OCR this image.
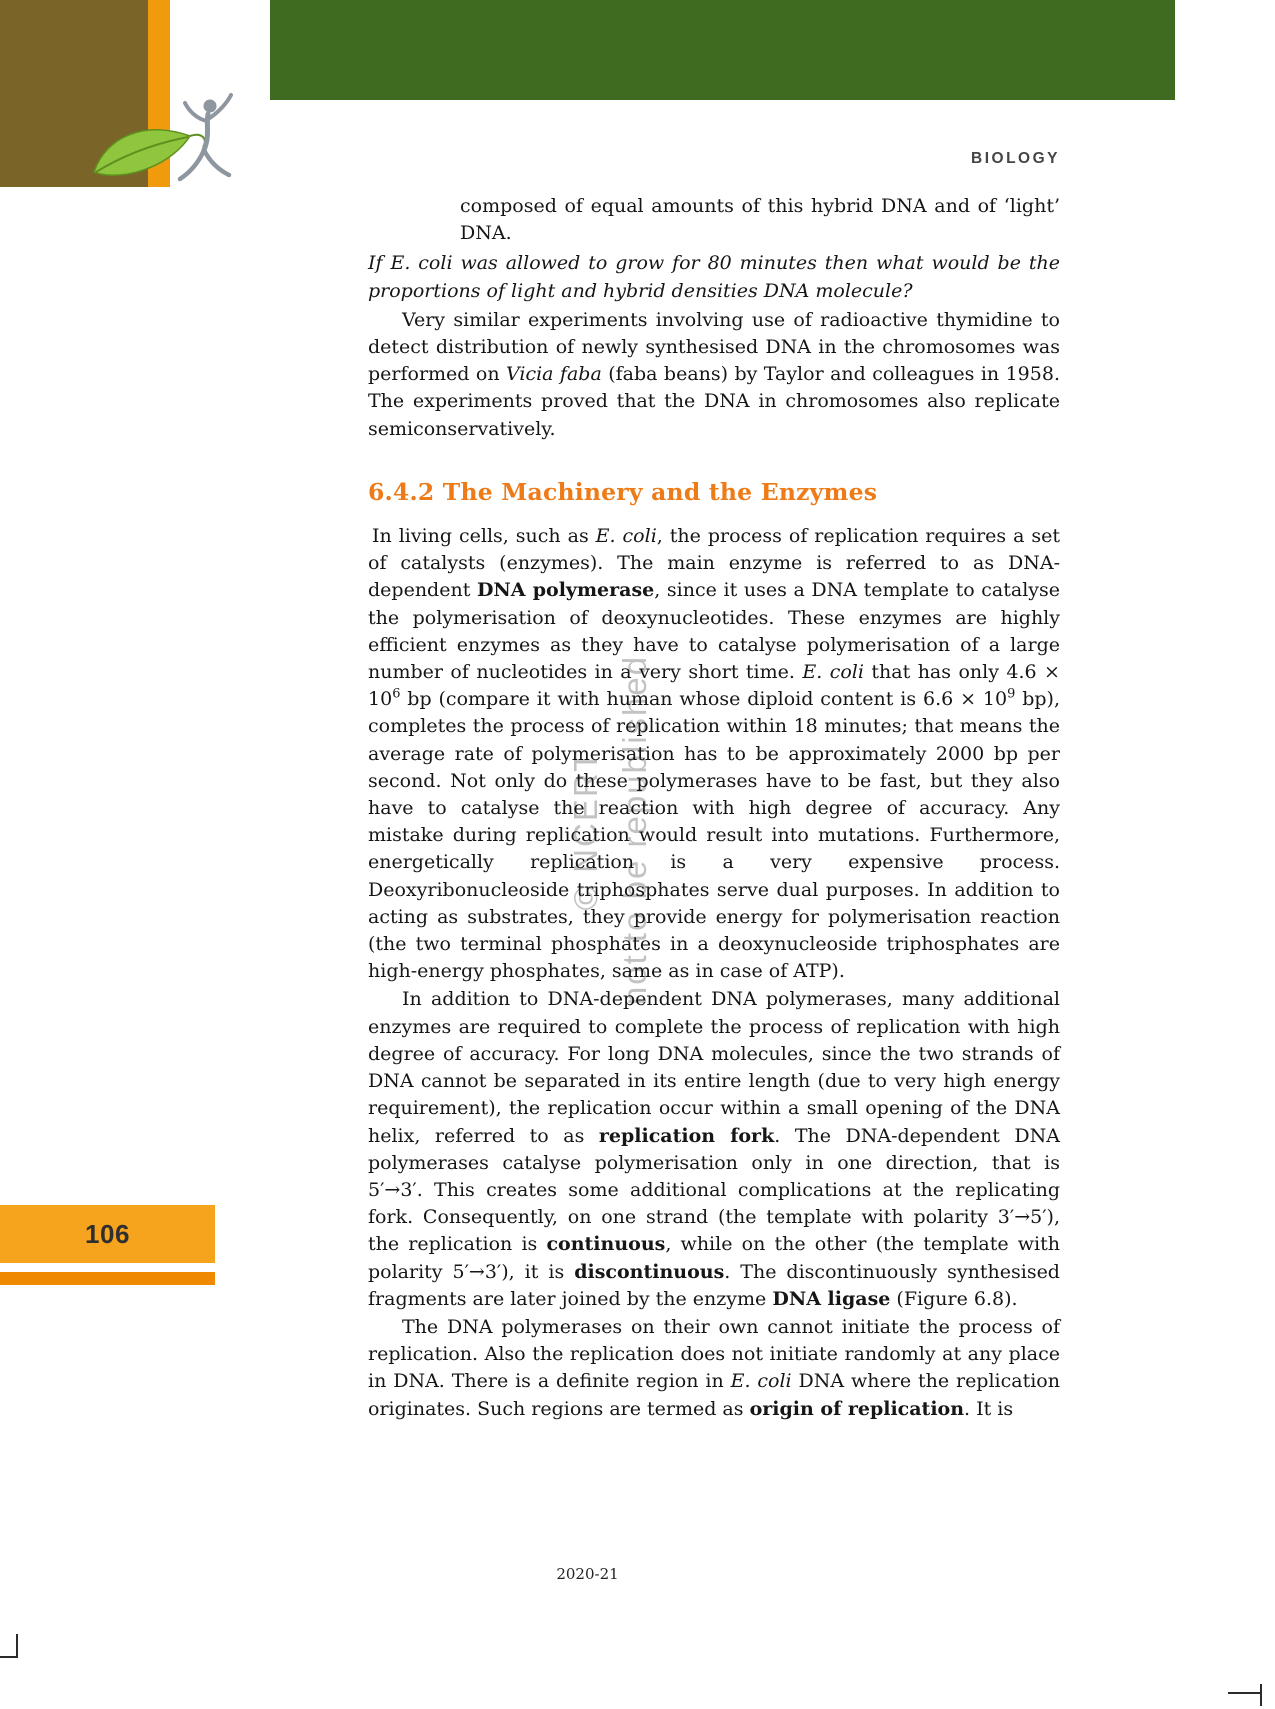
BIOLOGY
© NCERT not to be republished

composed of equal amounts of this hybrid DNA and of ‘light’ DNA.

If E. coli was allowed to grow for 80 minutes then what would be the proportions of light and hybrid densities DNA molecule?

Very similar experiments involving use of radioactive thymidine to detect distribution of newly synthesised DNA in the chromosomes was performed on Vicia faba (faba beans) by Taylor and colleagues in 1958. The experiments proved that the DNA in chromosomes also replicate semiconservatively.

6.4.2 The Machinery and the Enzymes

In living cells, such as E. coli, the process of replication requires a set of catalysts (enzymes). The main enzyme is referred to as DNA-dependent DNA polymerase, since it uses a DNA template to catalyse the polymerisation of deoxynucleotides. These enzymes are highly efficient enzymes as they have to catalyse polymerisation of a large number of nucleotides in a very short time. E. coli that has only $4.6 \times 10^6$ bp (compare it with human whose diploid content is $6.6 \times 10^9$ bp), completes the process of replication within 18 minutes; that means the average rate of polymerisation has to be approximately 2000 bp per second. Not only do these polymerases have to be fast, but they also have to catalyse the reaction with high degree of accuracy. Any mistake during replication would result into mutations. Furthermore, energetically replication is a very expensive process. Deoxyribonucleoside triphosphates serve dual purposes. In addition to acting as substrates, they provide energy for polymerisation reaction (the two terminal phosphates in a deoxynucleoside triphosphates are high-energy phosphates, same as in case of ATP).

In addition to DNA-dependent DNA polymerases, many additional enzymes are required to complete the process of replication with high degree of accuracy. For long DNA molecules, since the two strands of DNA cannot be separated in its entire length (due to very high energy requirement), the replication occur within a small opening of the DNA helix, referred to as replication fork. The DNA-dependent DNA polymerases catalyse polymerisation only in one direction, that is 5′→3′. This creates some additional complications at the replicating fork. Consequently, on one strand (the template with polarity 3′→5′), the replication is continuous, while on the other (the template with polarity 5′→3′), it is discontinuous. The discontinuously synthesised fragments are later joined by the enzyme DNA ligase (Figure 6.8).

The DNA polymerases on their own cannot initiate the process of replication. Also the replication does not initiate randomly at any place in DNA. There is a definite region in E. coli DNA where the replication originates. Such regions are termed as origin of replication. It is

106
2020-21
